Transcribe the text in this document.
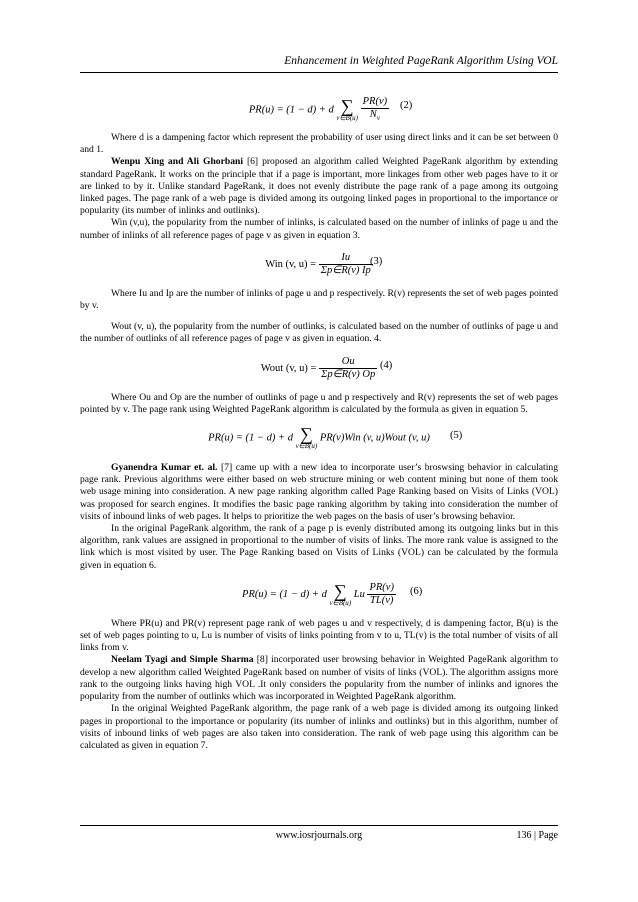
Enhancement in Weighted PageRank Algorithm Using VOL
PR(u) = (1 − d) + d ∑
v∈B(u)
$\frac{PR(v)}{N_v} (2)$

Where d is a dampening factor which represent the probability of user using direct links and it can be set between 0 and 1.

Wenpu Xing and Ali Ghorbani [6] proposed an algorithm called Weighted PageRank algorithm by extending standard PageRank. It works on the principle that if a page is important, more linkages from other web pages have to it or are linked to by it. Unlike standard PageRank, it does not evenly distribute the page rank of a page among its outgoing linked pages. The page rank of a web page is divided among its outgoing linked pages in proportional to the importance or popularity (its number of inlinks and outlinks).

Win (v,u), the popularity from the number of inlinks, is calculated based on the number of inlinks of page u and the number of inlinks of all reference pages of page v as given in equation 3.

Win (v, $u) = \frac{Iu}{\Sigma p\in R(v) Ip}$
(3)

Where Iu and Ip are the number of inlinks of page u and p respectively. R(v) represents the set of web pages pointed by v.

Wout (v, u), the popularity from the number of outlinks, is calculated based on the number of outlinks of page u and the number of outlinks of all reference pages of page v as given in equation. 4.

Wout (v, $u) = \frac{Ou}{\Sigma p\in R(v) Op} (4)$

Where Ou and Op are the number of outlinks of page u and p respectively and R(v) represents the set of web pages pointed by v. The page rank using Weighted PageRank algorithm is calculated by the formula as given in equation 5.

PR(u) = (1 − d) + d ∑
v∈B(u)
PR(v)Win (v, u)Wout (v, u)	(5)

Gyanendra Kumar et. al. [7] came up with a new idea to incorporate user’s broswsing behavior in calculating page rank. Previous algorithms were either based on web structure mining or web content mining but none of them took web usage mining into consideration. A new page ranking algorithm called Page Ranking based on Visits of Links (VOL) was proposed for search engines. It modifies the basic page ranking algorithm by taking into consideration the number of visits of inbound links of web pages. It helps to prioritize the web pages on the basis of user’s browsing behavior.

In the original PageRank algorithm, the rank of a page p is evenly distributed among its outgoing links but in this algorithm, rank values are assigned in proportional to the number of visits of links. The more rank value is assigned to the link which is most visited by user. The Page Ranking based on Visits of Links (VOL) can be calculated by the formula given in equation 6.

PR(u) = (1 − d) + d ∑
v∈B(u)
Lu $\frac{PR(v)}{TL(v)} (6)$

Where PR(u) and PR(v) represent page rank of web pages u and v respectively, d is dampening factor, B(u) is the set of web pages pointing to u, Lu is number of visits of links pointing from v to u, TL(v) is the total number of visits of all links from v.

Neelam Tyagi and Simple Sharma [8] incorporated user browsing behavior in Weighted PageRank algorithm to develop a new algorithm called Weighted PageRank based on number of visits of links (VOL). The algorithm assigns more rank to the outgoing links having high VOL .It only considers the popularity from the number of inlinks and ignores the popularity from the number of outlinks which was incorporated in Weighted PageRank algorithm.

In the original Weighted PageRank algorithm, the page rank of a web page is divided among its outgoing linked pages in proportional to the importance or popularity (its number of inlinks and outlinks) but in this algorithm, number of visits of inbound links of web pages are also taken into consideration. The rank of web page using this algorithm can be calculated as given in equation 7.

www.iosrjournals.org	136 | Page
